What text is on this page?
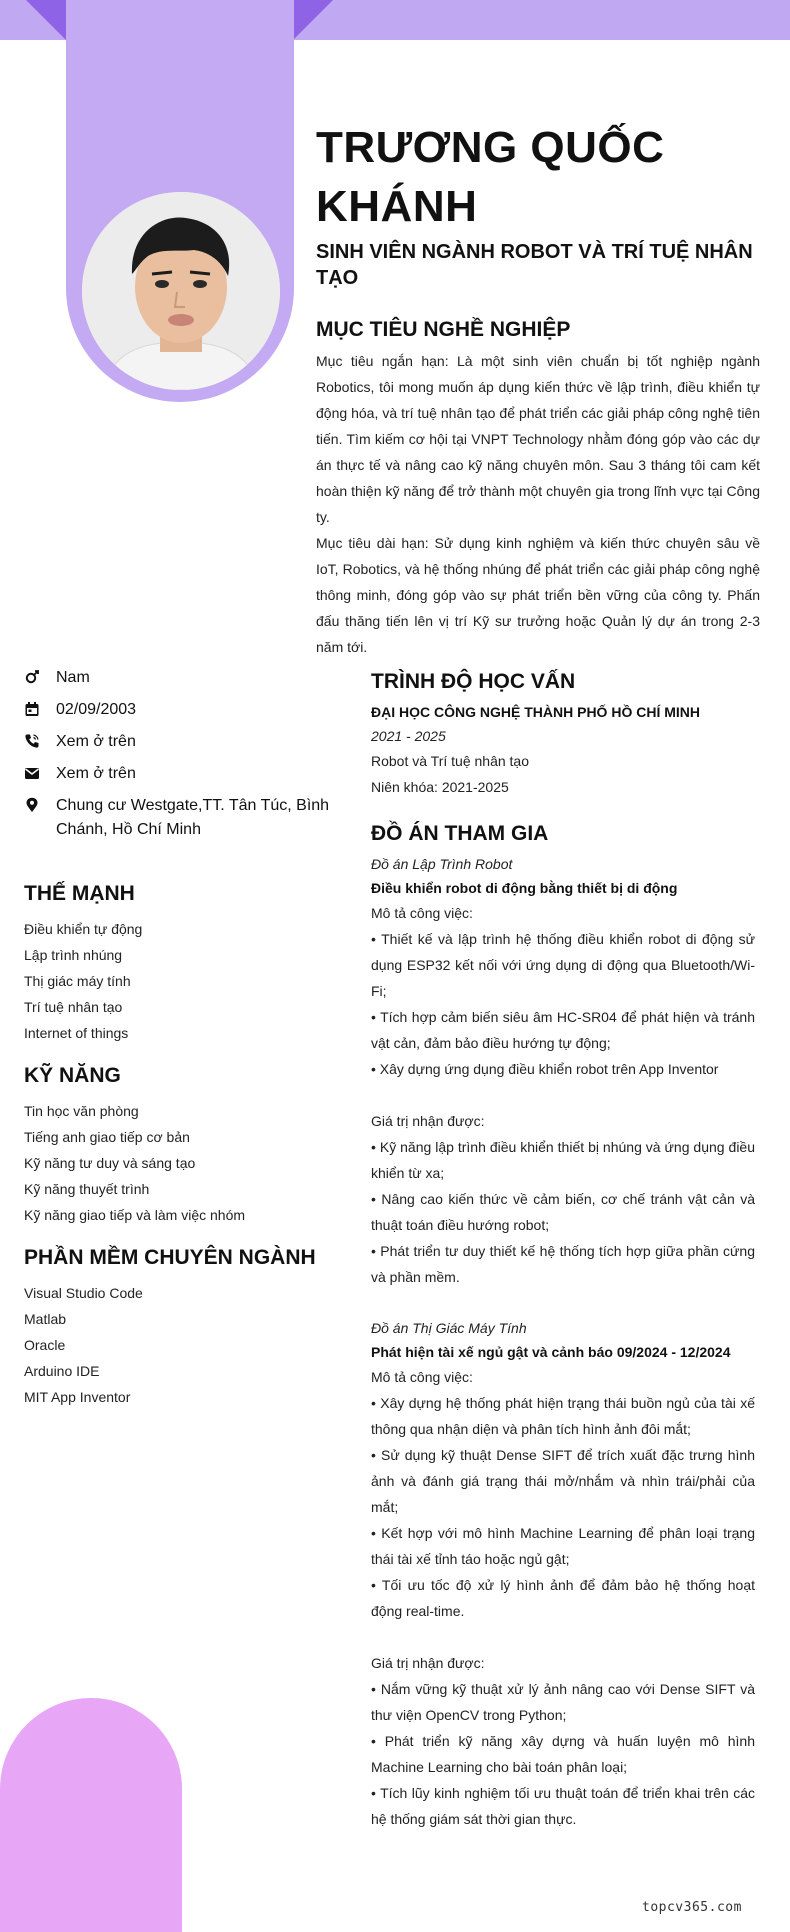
TRƯƠNG QUỐC KHÁNH
SINH VIÊN NGÀNH ROBOT VÀ TRÍ TUỆ NHÂN TẠO
MỤC TIÊU NGHỀ NGHIỆP

Mục tiêu ngắn hạn: Là một sinh viên chuẩn bị tốt nghiệp ngành Robotics, tôi mong muốn áp dụng kiến thức về lập trình, điều khiển tự động hóa, và trí tuệ nhân tạo để phát triển các giải pháp công nghệ tiên tiến. Tìm kiếm cơ hội tại VNPT Technology nhằm đóng góp vào các dự án thực tế và nâng cao kỹ năng chuyên môn. Sau 3 tháng tôi cam kết hoàn thiện kỹ năng để trở thành một chuyên gia trong lĩnh vực tại Công ty.

Mục tiêu dài hạn: Sử dụng kinh nghiệm và kiến thức chuyên sâu về IoT, Robotics, và hệ thống nhúng để phát triển các giải pháp công nghệ thông minh, đóng góp vào sự phát triển bền vững của công ty. Phấn đấu thăng tiến lên vị trí Kỹ sư trưởng hoặc Quản lý dự án trong 2-3 năm tới.

Nam
02/09/2003
Xem ở trên
Xem ở trên
Chung cư Westgate,TT. Tân Túc, Bình Chánh, Hồ Chí Minh
THẾ MẠNH
Điều khiển tự động
Lập trình nhúng
Thị giác máy tính
Trí tuệ nhân tạo
Internet of things
KỸ NĂNG
Tin học văn phòng
Tiếng anh giao tiếp cơ bản
Kỹ năng tư duy và sáng tạo
Kỹ năng thuyết trình
Kỹ năng giao tiếp và làm việc nhóm
PHẦN MỀM CHUYÊN NGÀNH
Visual Studio Code
Matlab
Oracle
Arduino IDE
MIT App Inventor
TRÌNH ĐỘ HỌC VẤN
ĐẠI HỌC CÔNG NGHỆ THÀNH PHỐ HỒ CHÍ MINH
2021 - 2025
Robot và Trí tuệ nhân tạo
Niên khóa: 2021-2025
ĐỒ ÁN THAM GIA
Đồ án Lập Trình Robot
Điều khiển robot di động bằng thiết bị di động
Mô tả công việc:

• Thiết kế và lập trình hệ thống điều khiển robot di động sử dụng ESP32 kết nối với ứng dụng di động qua Bluetooth/Wi-Fi;

• Tích hợp cảm biến siêu âm HC-SR04 để phát hiện và tránh vật cản, đảm bảo điều hướng tự động;

• Xây dựng ứng dụng điều khiển robot trên App Inventor

Giá trị nhận được:

• Kỹ năng lập trình điều khiển thiết bị nhúng và ứng dụng điều khiển từ xa;

• Nâng cao kiến thức về cảm biến, cơ chế tránh vật cản và thuật toán điều hướng robot;

• Phát triển tư duy thiết kế hệ thống tích hợp giữa phần cứng và phần mềm.

Đồ án Thị Giác Máy Tính
Phát hiện tài xế ngủ gật và cảnh báo 09/2024 - 12/2024
Mô tả công việc:

• Xây dựng hệ thống phát hiện trạng thái buồn ngủ của tài xế thông qua nhận diện và phân tích hình ảnh đôi mắt;

• Sử dụng kỹ thuật Dense SIFT để trích xuất đặc trưng hình ảnh và đánh giá trạng thái mở/nhắm và nhìn trái/phải của mắt;

• Kết hợp với mô hình Machine Learning để phân loại trạng thái tài xế tỉnh táo hoặc ngủ gật;

• Tối ưu tốc độ xử lý hình ảnh để đảm bảo hệ thống hoạt động real-time.

Giá trị nhận được:

• Nắm vững kỹ thuật xử lý ảnh nâng cao với Dense SIFT và thư viện OpenCV trong Python;

• Phát triển kỹ năng xây dựng và huấn luyện mô hình Machine Learning cho bài toán phân loại;

• Tích lũy kinh nghiệm tối ưu thuật toán để triển khai trên các hệ thống giám sát thời gian thực.

topcv365.com
